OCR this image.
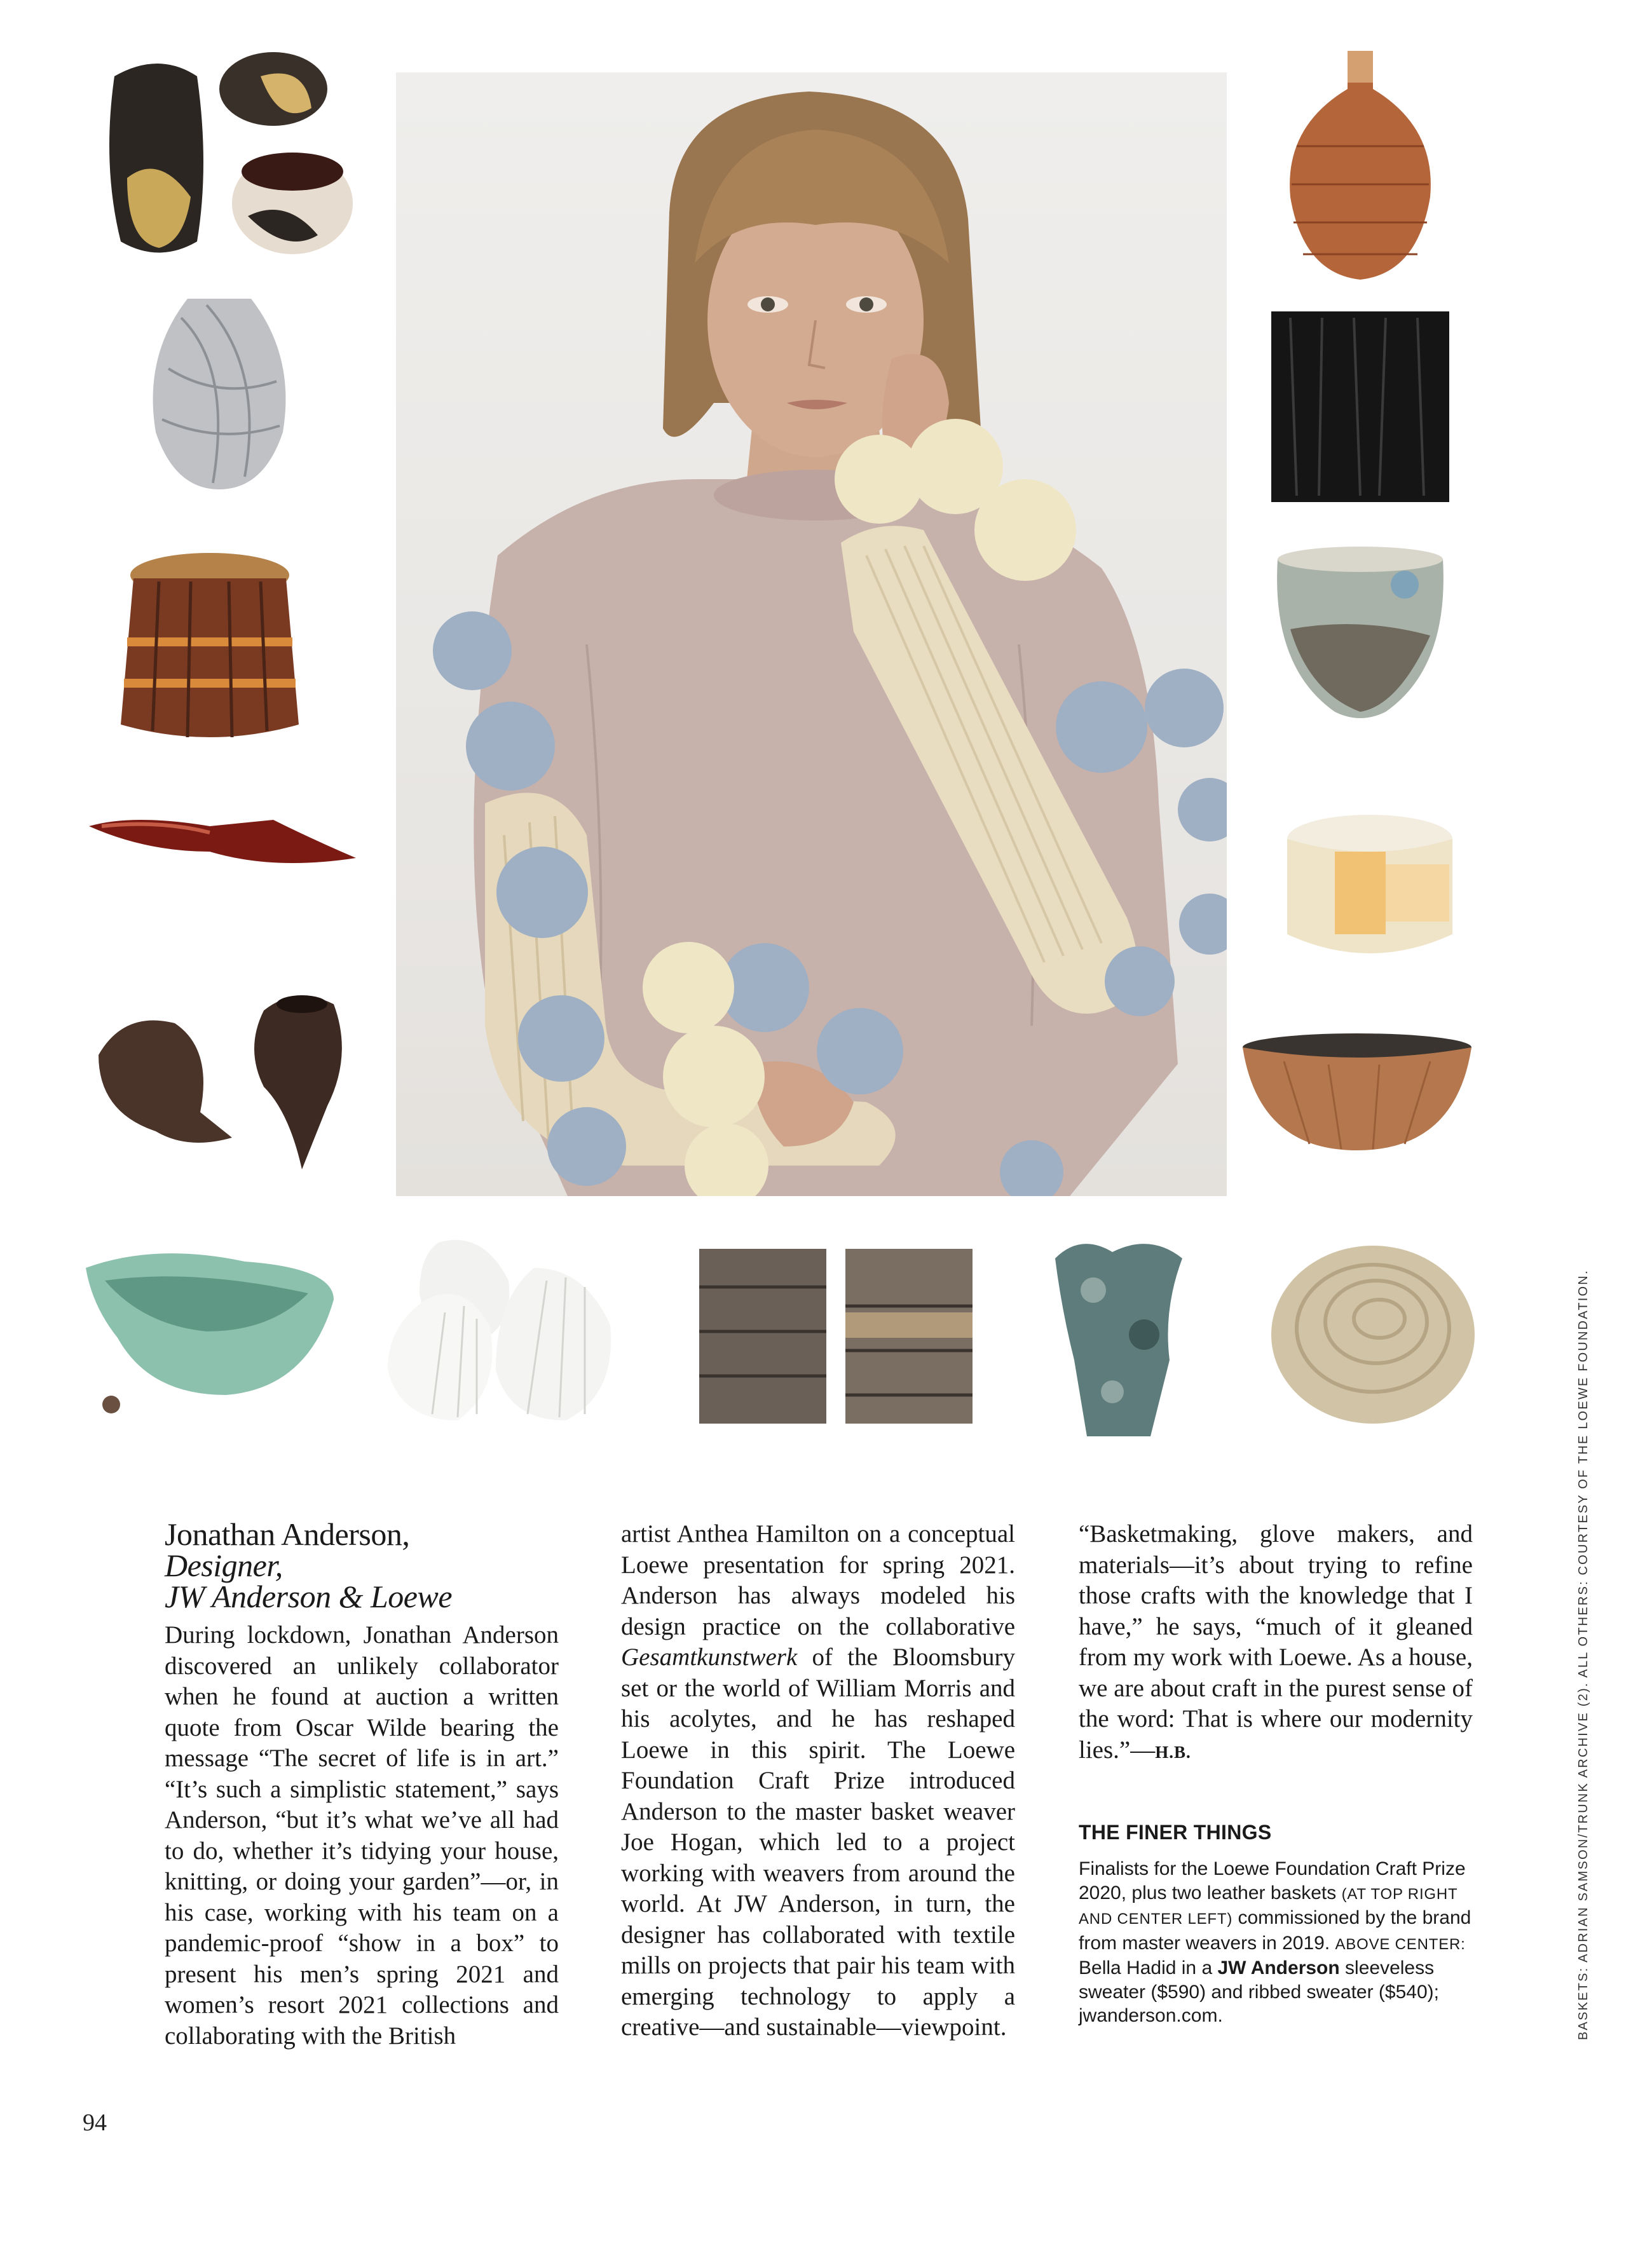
Jonathan Anderson,
Designer,
JW Anderson & Loewe

During lockdown, Jonathan Anderson discovered an unlikely collaborator when he found at auction a written quote from Oscar Wilde bearing the message “The secret of life is in art.” “It’s such a simplistic statement,” says Anderson, “but it’s what we’ve all had to do, whether it’s tidying your house, knitting, or doing your garden”—or, in his case, working with his team on a pandemic-proof “show in a box” to present his men’s spring 2021 and women’s resort 2021 collections and collaborating with the British

artist Anthea Hamilton on a conceptual Loewe presentation for spring 2021. Anderson has always modeled his design practice on the collaborative Gesamtkunstwerk of the Bloomsbury set or the world of William Morris and his acolytes, and he has reshaped Loewe in this spirit. The Loewe Foundation Craft Prize introduced Anderson to the master basket weaver Joe Hogan, which led to a project working with weavers from around the world. At JW Anderson, in turn, the designer has collaborated with textile mills on projects that pair his team with emerging technology to apply a creative—and sustainable—viewpoint.

“Basketmaking, glove makers, and materials—it’s about trying to refine those crafts with the knowledge that I have,” he says, “much of it gleaned from my work with Loewe. As a house, we are about craft in the purest sense of the word: That is where our modernity lies.”—H.B.

THE FINER THINGS

Finalists for the Loewe Foundation Craft Prize 2020, plus two leather baskets (AT TOP RIGHT AND CENTER LEFT) commissioned by the brand from master weavers in 2019. ABOVE CENTER: Bella Hadid in a JW Anderson sleeveless sweater ($590) and ribbed sweater ($540); jwanderson.com.	BASKETS: ADRIAN SAMSON/TRUNK ARCHIVE (2). ALL OTHERS: COURTESY OF THE LOEWE FOUNDATION.
94
